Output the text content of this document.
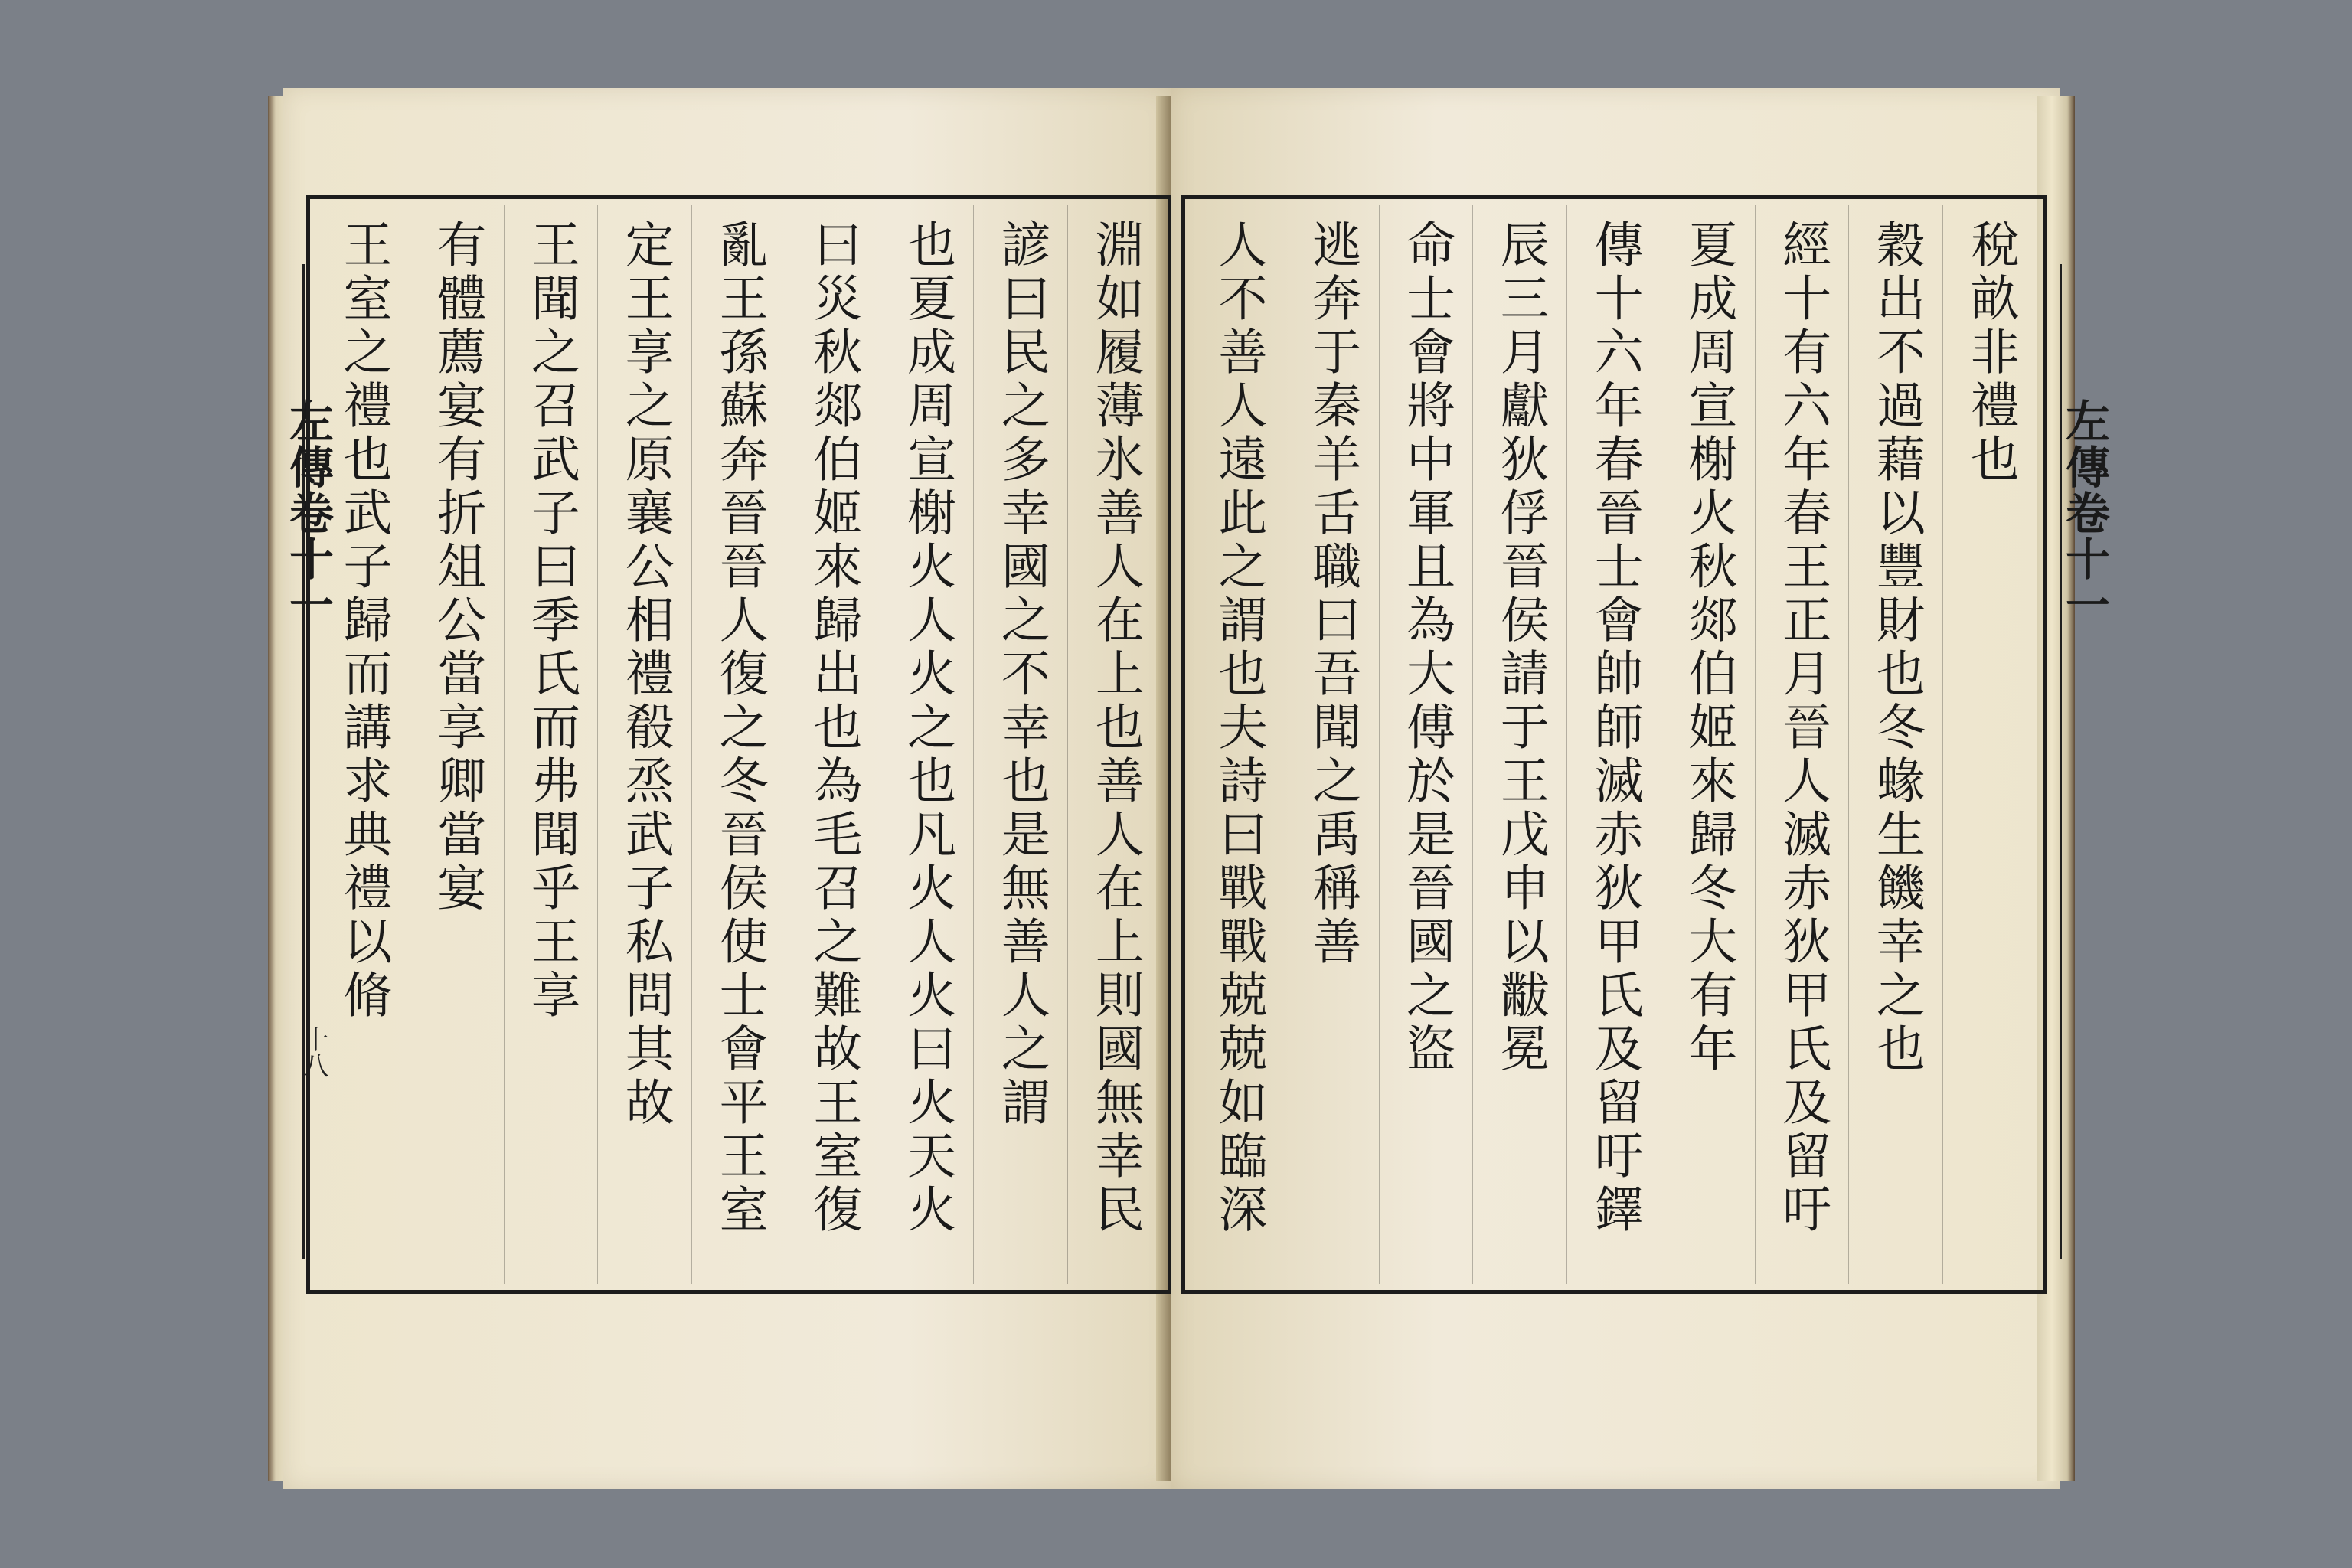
左傳卷十一
十八	淵如履薄氷善人在上也善人在上則國無幸民
諺曰民之多幸國之不幸也是無善人之謂
也夏成周宣榭火人火之也凡火人火曰火天火
曰災秋郯伯姬來歸出也為毛召之難故王室復
亂王孫蘇奔晉晉人復之冬晉侯使士會平王室
定王享之原襄公相禮殽烝武子私問其故
王聞之召武子曰季氏而弗聞乎王享
有體薦宴有折俎公當享卿當宴
王室之禮也武子歸而講求典禮以脩	稅畝非禮也
穀出不過藉以豐財也冬蝝生饑幸之也
經十有六年春王正月晉人滅赤狄甲氏及留吁
夏成周宣榭火秋郯伯姬來歸冬大有年
傳十六年春晉士會帥師滅赤狄甲氏及留吁鐸
辰三月獻狄俘晉侯請于王戊申以黻冕
命士會將中軍且為大傅於是晉國之盜
逃奔于秦羊舌職曰吾聞之禹稱善
人不善人遠此之謂也夫詩曰戰戰兢兢如臨深	左傳卷十一
